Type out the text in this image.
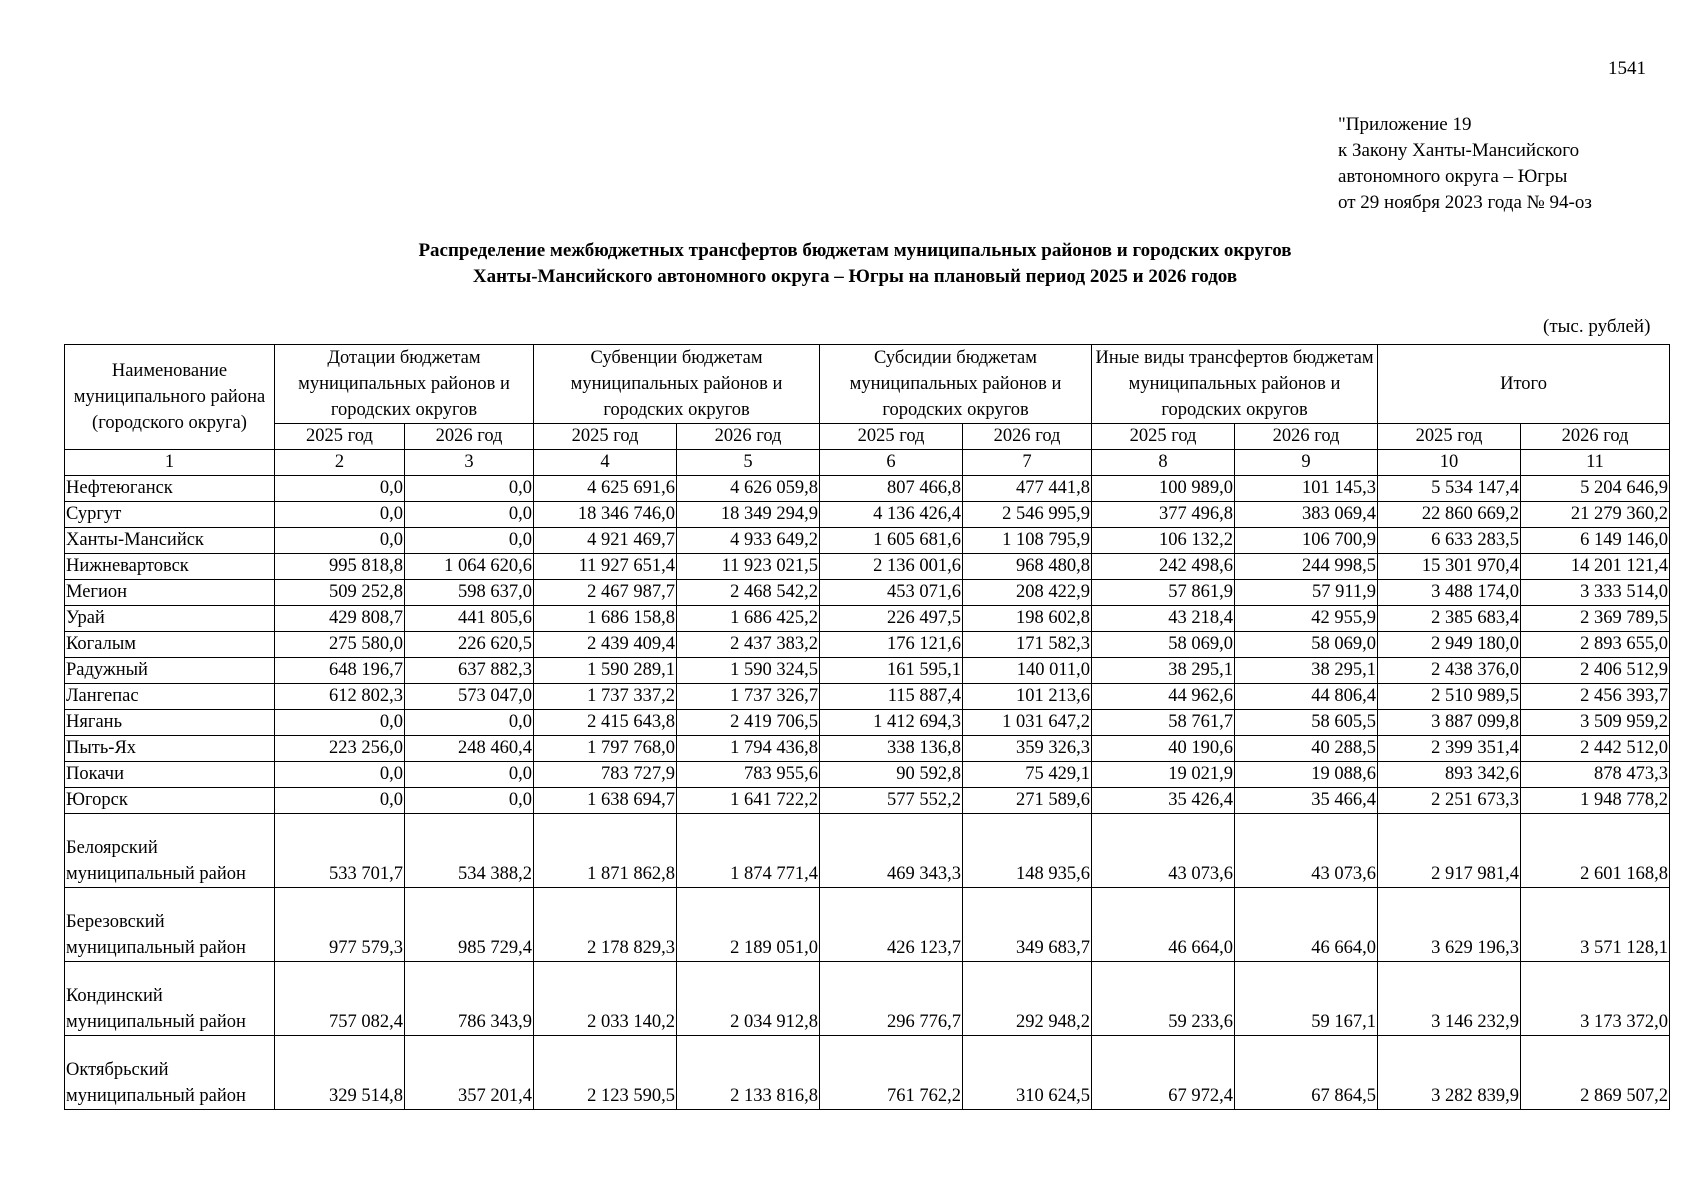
1541
"Приложение 19
к Закону Ханты-Мансийского
автономного округа – Югры
от 29 ноября 2023 года № 94-оз
Распределение межбюджетных трансфертов бюджетам муниципальных районов и городских округов
Ханты-Мансийского автономного округа – Югры на плановый период 2025 и 2026 годов
(тыс. рублей)
Наименование муниципального района (городского округа)	Дотации бюджетам муниципальных районов и городских округов		Субвенции бюджетам муниципальных районов и городских округов		Субсидии бюджетам муниципальных районов и городских округов		Иные виды трансфертов бюджетам муниципальных районов и городских округов		Итого	
	2025 год	2026 год	2025 год	2026 год	2025 год	2026 год	2025 год	2026 год	2025 год	2026 год
1	2	3	4	5	6	7	8	9	10	11
Нефтеюганск	0,0	0,0	4 625 691,6	4 626 059,8	807 466,8	477 441,8	100 989,0	101 145,3	5 534 147,4	5 204 646,9
Сургут	0,0	0,0	18 346 746,0	18 349 294,9	4 136 426,4	2 546 995,9	377 496,8	383 069,4	22 860 669,2	21 279 360,2
Ханты-Мансийск	0,0	0,0	4 921 469,7	4 933 649,2	1 605 681,6	1 108 795,9	106 132,2	106 700,9	6 633 283,5	6 149 146,0
Нижневартовск	995 818,8	1 064 620,6	11 927 651,4	11 923 021,5	2 136 001,6	968 480,8	242 498,6	244 998,5	15 301 970,4	14 201 121,4
Мегион	509 252,8	598 637,0	2 467 987,7	2 468 542,2	453 071,6	208 422,9	57 861,9	57 911,9	3 488 174,0	3 333 514,0
Урай	429 808,7	441 805,6	1 686 158,8	1 686 425,2	226 497,5	198 602,8	43 218,4	42 955,9	2 385 683,4	2 369 789,5
Когалым	275 580,0	226 620,5	2 439 409,4	2 437 383,2	176 121,6	171 582,3	58 069,0	58 069,0	2 949 180,0	2 893 655,0
Радужный	648 196,7	637 882,3	1 590 289,1	1 590 324,5	161 595,1	140 011,0	38 295,1	38 295,1	2 438 376,0	2 406 512,9
Лангепас	612 802,3	573 047,0	1 737 337,2	1 737 326,7	115 887,4	101 213,6	44 962,6	44 806,4	2 510 989,5	2 456 393,7
Нягань	0,0	0,0	2 415 643,8	2 419 706,5	1 412 694,3	1 031 647,2	58 761,7	58 605,5	3 887 099,8	3 509 959,2
Пыть-Ях	223 256,0	248 460,4	1 797 768,0	1 794 436,8	338 136,8	359 326,3	40 190,6	40 288,5	2 399 351,4	2 442 512,0
Покачи	0,0	0,0	783 727,9	783 955,6	90 592,8	75 429,1	19 021,9	19 088,6	893 342,6	878 473,3
Югорск	0,0	0,0	1 638 694,7	1 641 722,2	577 552,2	271 589,6	35 426,4	35 466,4	2 251 673,3	1 948 778,2
Белоярский муниципальный район	533 701,7	534 388,2	1 871 862,8	1 874 771,4	469 343,3	148 935,6	43 073,6	43 073,6	2 917 981,4	2 601 168,8
Березовский муниципальный район	977 579,3	985 729,4	2 178 829,3	2 189 051,0	426 123,7	349 683,7	46 664,0	46 664,0	3 629 196,3	3 571 128,1
Кондинский муниципальный район	757 082,4	786 343,9	2 033 140,2	2 034 912,8	296 776,7	292 948,2	59 233,6	59 167,1	3 146 232,9	3 173 372,0
Октябрьский муниципальный район	329 514,8	357 201,4	2 123 590,5	2 133 816,8	761 762,2	310 624,5	67 972,4	67 864,5	3 282 839,9	2 869 507,2
